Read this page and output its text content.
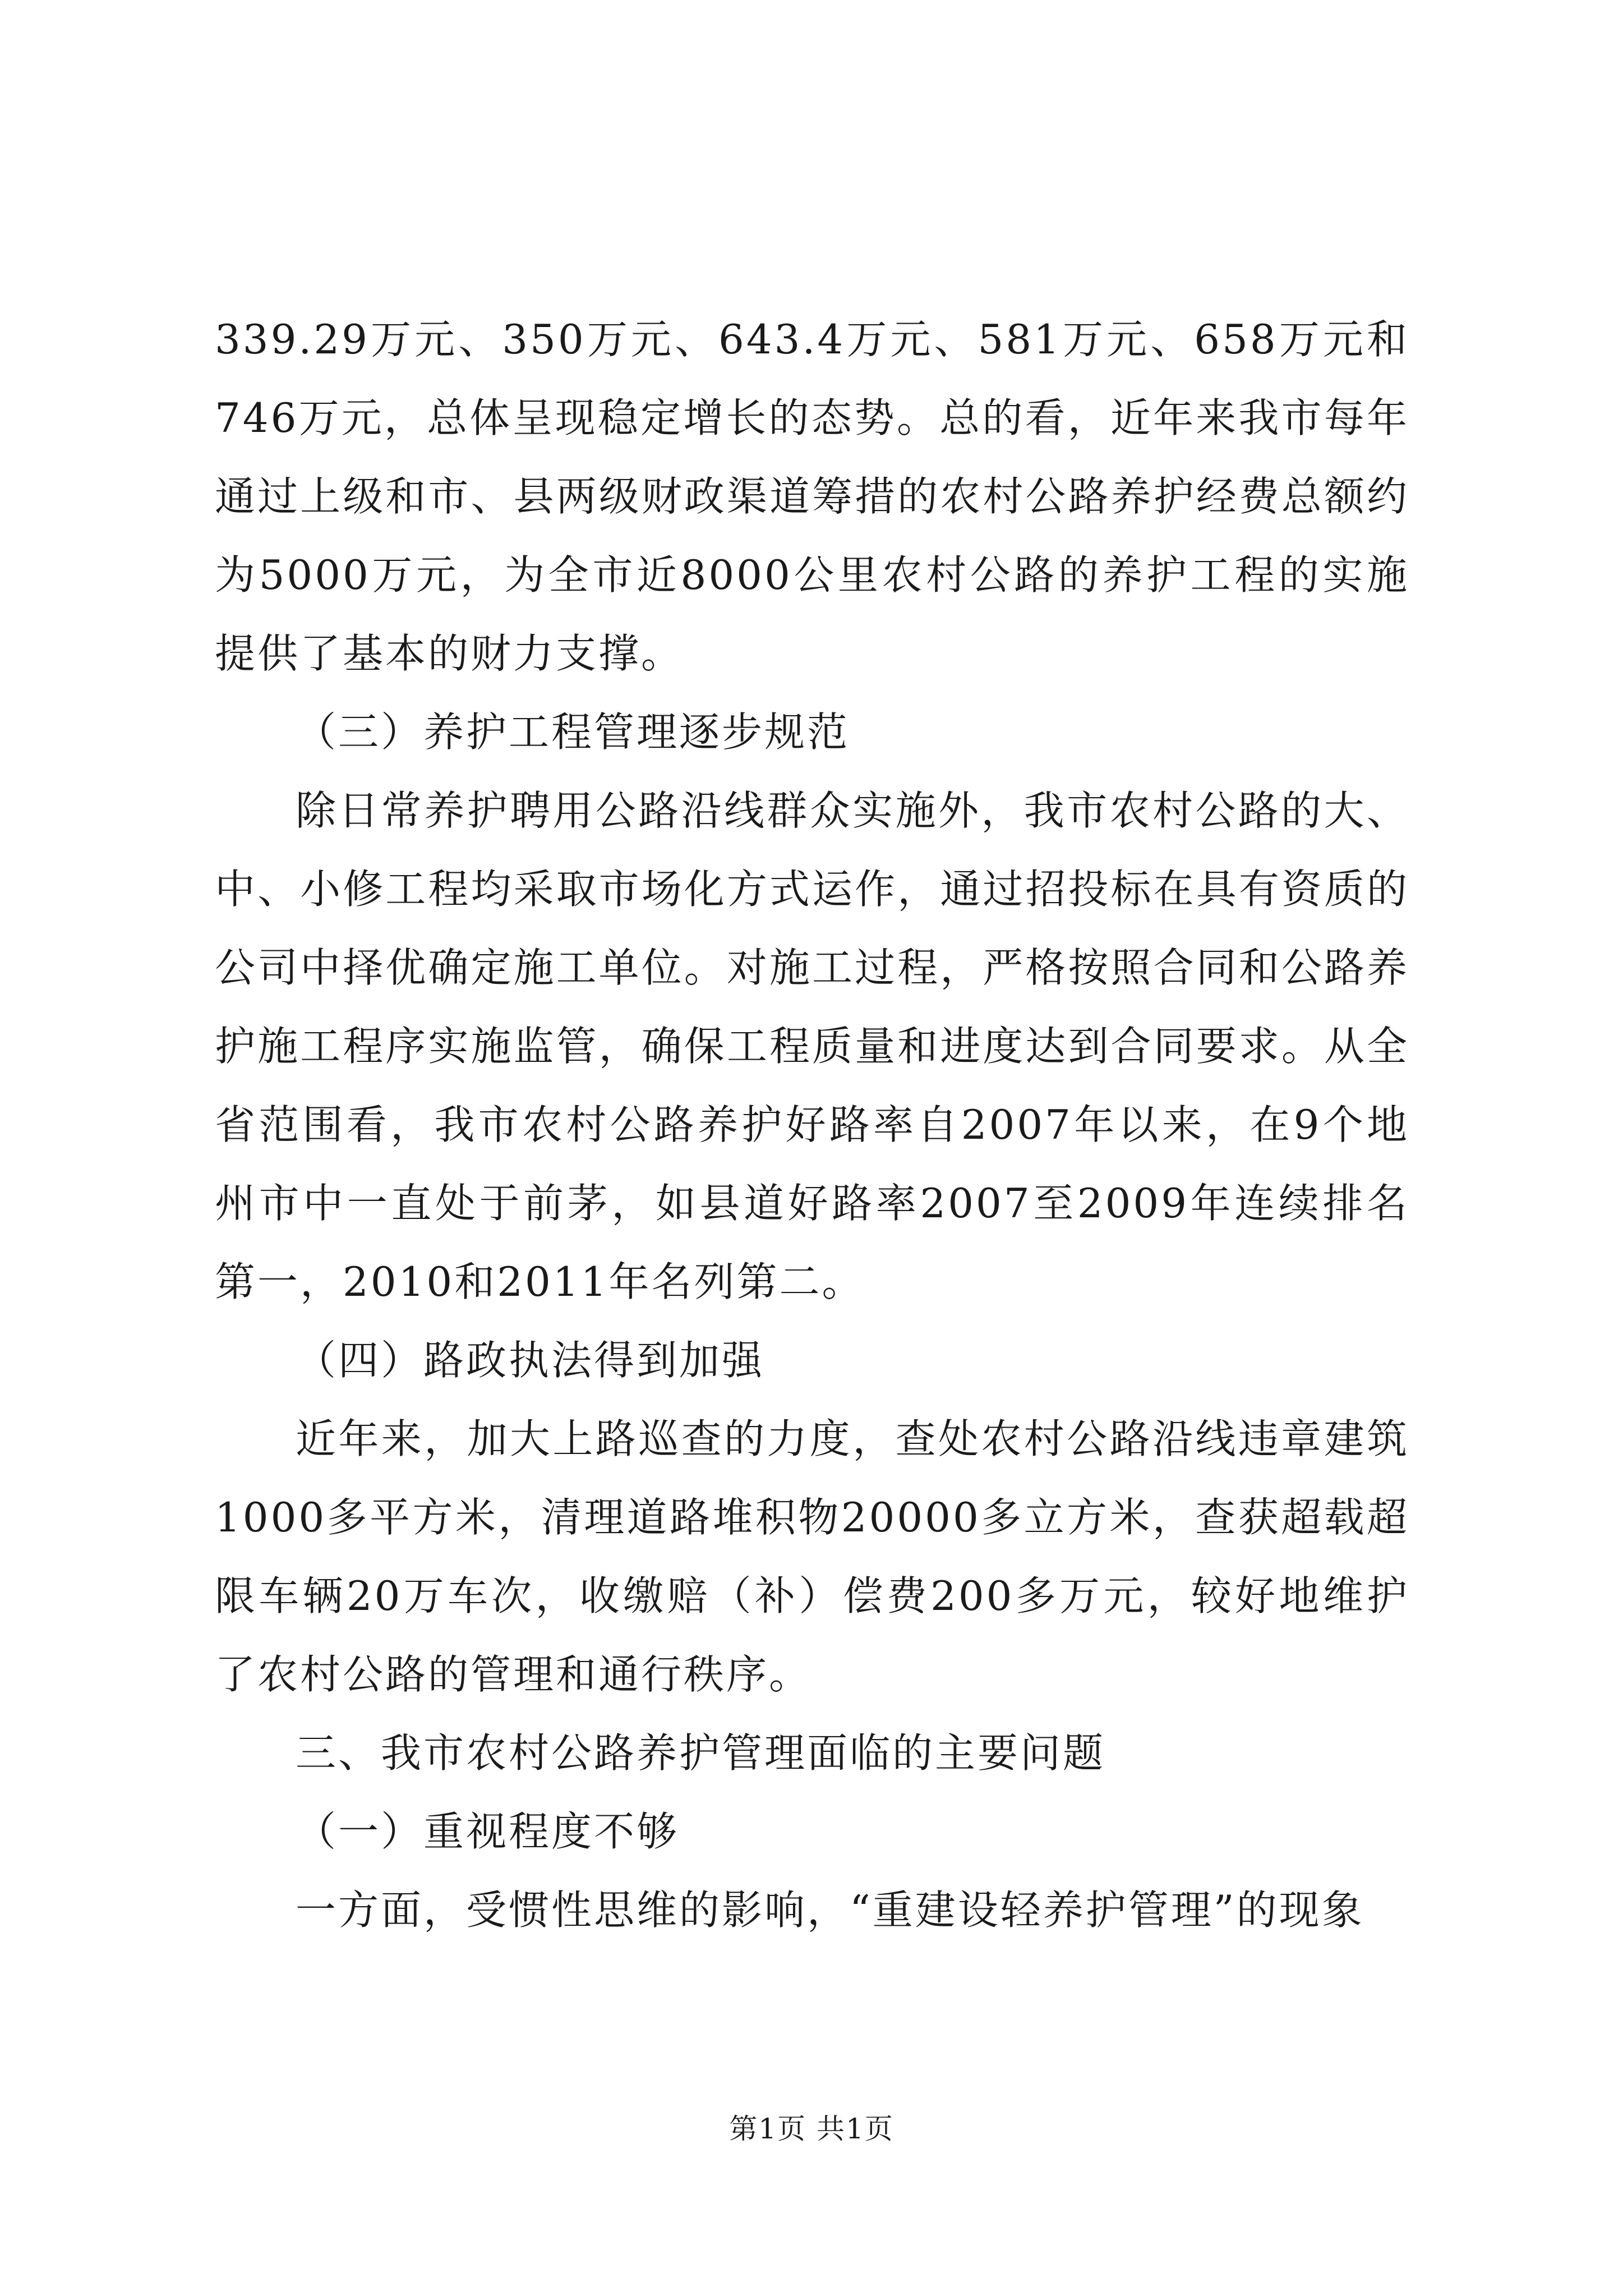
339.29万元、350万元、643.4万元、581万元、658万元和746万元，总体呈现稳定增长的态势。总的看，近年来我市每年通过上级和市、县两级财政渠道筹措的农村公路养护经费总额约为5000万元，为全市近8000公里农村公路的养护工程的实施提供了基本的财力支撑。

（三）养护工程管理逐步规范

除日常养护聘用公路沿线群众实施外，我市农村公路的大、中、小修工程均采取市场化方式运作，通过招投标在具有资质的公司中择优确定施工单位。对施工过程，严格按照合同和公路养护施工程序实施监管，确保工程质量和进度达到合同要求。从全省范围看，我市农村公路养护好路率自2007年以来，在9个地州市中一直处于前茅，如县道好路率2007至2009年连续排名第一，2010和2011年名列第二。

（四）路政执法得到加强

近年来，加大上路巡查的力度，查处农村公路沿线违章建筑1000多平方米，清理道路堆积物20000多立方米，查获超载超限车辆20万车次，收缴赔（补）偿费200多万元，较好地维护了农村公路的管理和通行秩序。

三、我市农村公路养护管理面临的主要问题

（一）重视程度不够

一方面，受惯性思维的影响，“重建设轻养护管理”的现象

第1页 共1页
